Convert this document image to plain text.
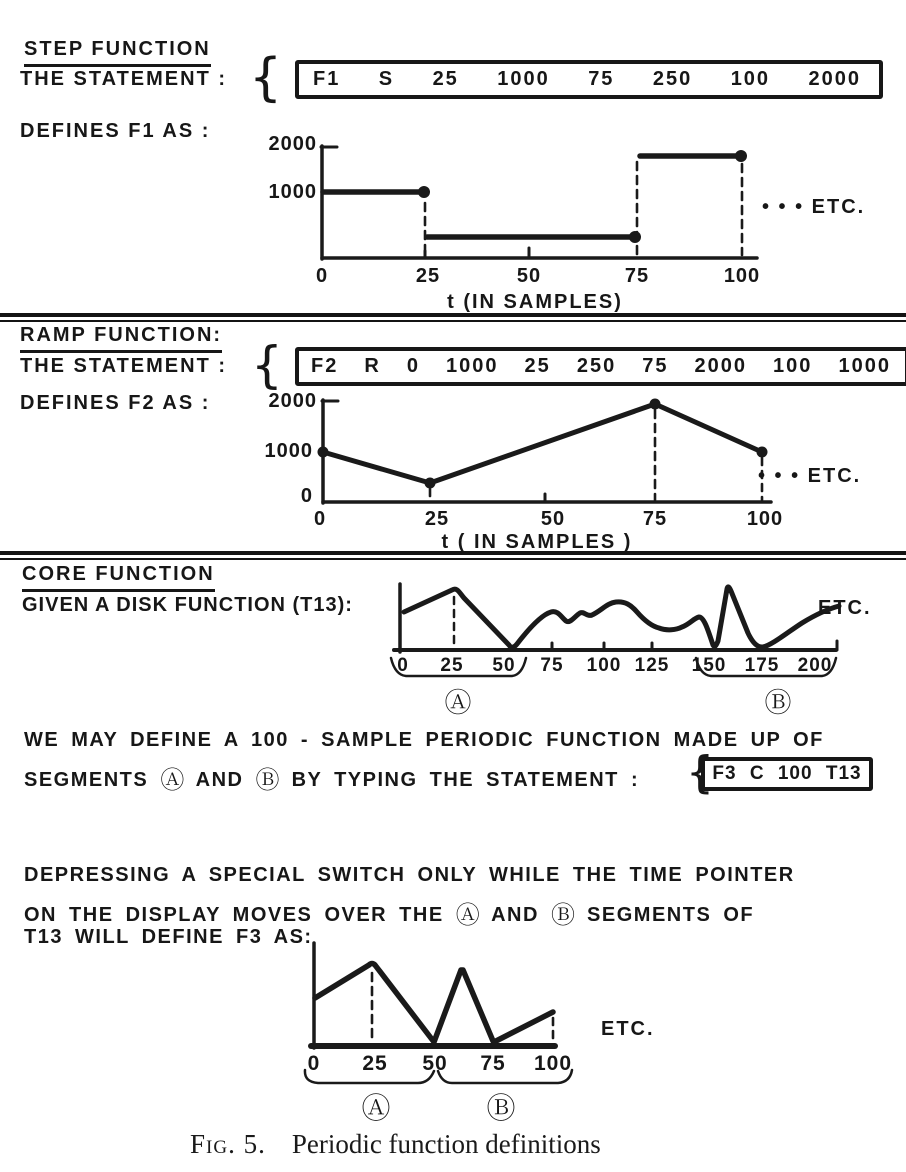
STEP FUNCTION
THE STATEMENT : { F1 S 25 1000 75 250 100 2000
DEFINES F1 AS :
2000
1000
0	25	50	75	100
t (IN SAMPLES)
• • • ETC.
RAMP FUNCTION:
THE STATEMENT : { F2 R 0 1000 25 250 75 2000 100 1000
DEFINES F2 AS :	2000
1000
0
0	25	50	75	100
t ( IN SAMPLES )
• • • ETC.
CORE FUNCTION
GIVEN A DISK FUNCTION (T13):
0	25	50	75	100 125	150 175 200
Ⓐ	Ⓑ
ETC.
WE MAY DEFINE A 100 - SAMPLE PERIODIC FUNCTION MADE UP OF
SEGMENTS Ⓐ AND Ⓑ BY TYPING THE STATEMENT : {
F3 C 100 T13
DEPRESSING A SPECIAL SWITCH ONLY WHILE THE TIME POINTER
ON THE DISPLAY MOVES OVER THE Ⓐ AND Ⓑ SEGMENTS OF
T13 WILL DEFINE F3 AS:
0	25	50	75	100
Ⓐ	Ⓑ
ETC.
Fig. 5. Periodic function definitions
